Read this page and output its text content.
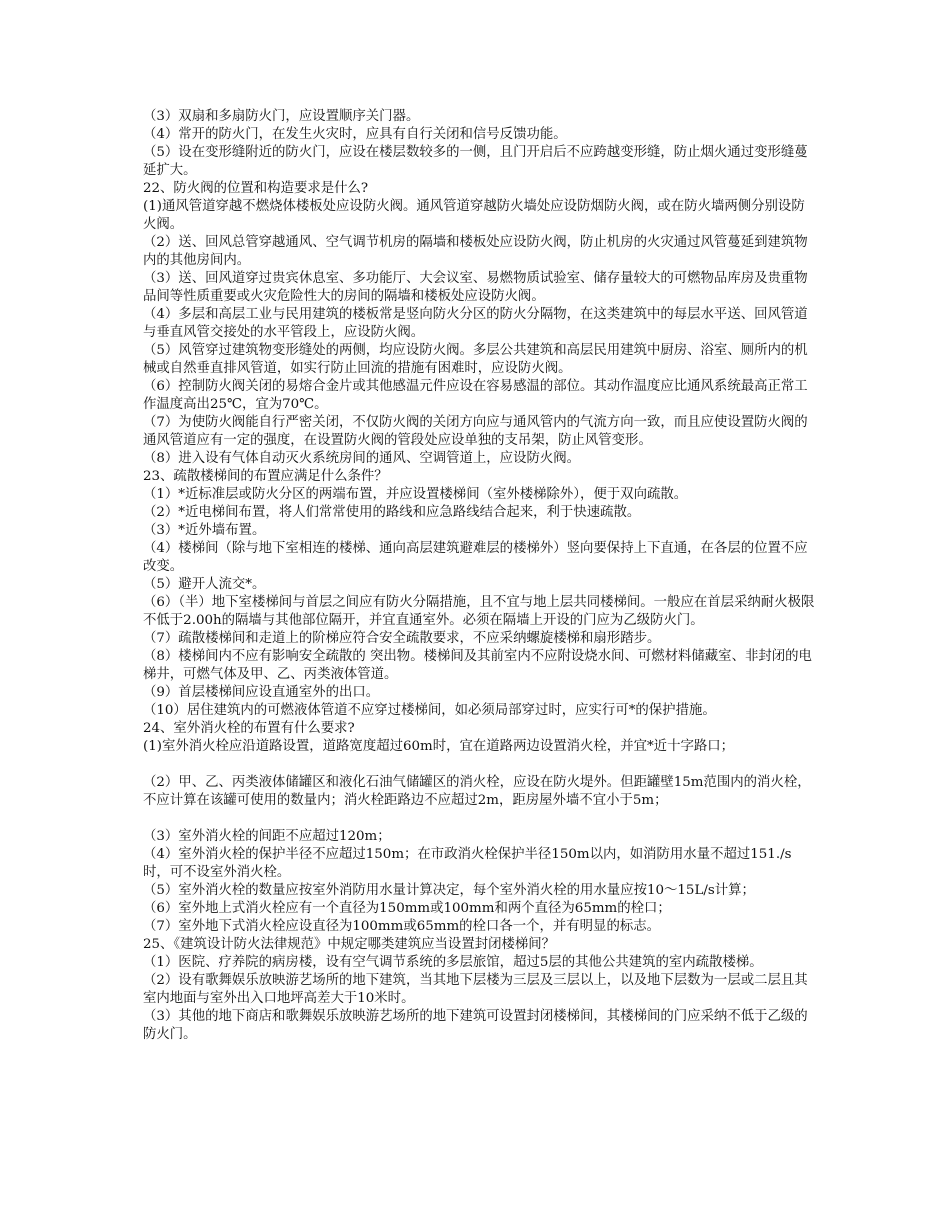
（3）双扇和多扇防火门，应设置顺序关门器。
（4）常开的防火门，在发生火灾时，应具有自行关闭和信号反馈功能。
（5）设在变形缝附近的防火门，应设在楼层数较多的一侧，且门开启后不应跨越变形缝，防止烟火通过变形缝蔓延扩大。
22、防火阀的位置和构造要求是什么?
(1)通风管道穿越不燃烧体楼板处应设防火阀。通风管道穿越防火墙处应设防烟防火阀，或在防火墙两侧分别设防火阀。
（2）送、回风总管穿越通风、空气调节机房的隔墙和楼板处应设防火阀，防止机房的火灾通过风管蔓延到建筑物内的其他房间内。
（3）送、回风道穿过贵宾休息室、多功能厅、大会议室、易燃物质试验室、储存量较大的可燃物品库房及贵重物品间等性质重要或火灾危险性大的房间的隔墙和楼板处应设防火阀。
（4）多层和高层工业与民用建筑的楼板常是竖向防火分区的防火分隔物，在这类建筑中的每层水平送、回风管道与垂直风管交接处的水平管段上，应设防火阀。
（5）风管穿过建筑物变形缝处的两侧，均应设防火阀。多层公共建筑和高层民用建筑中厨房、浴室、厕所内的机械或自然垂直排风管道，如实行防止回流的措施有困难时，应设防火阀。
（6）控制防火阀关闭的易熔合金片或其他感温元件应设在容易感温的部位。其动作温度应比通风系统最高正常工作温度高出25℃，宜为70℃。
（7）为使防火阀能自行严密关闭，不仅防火阀的关闭方向应与通风管内的气流方向一致，而且应使设置防火阀的通风管道应有一定的强度，在设置防火阀的管段处应设单独的支吊架，防止风管变形。
（8）进入设有气体自动灭火系统房间的通风、空调管道上，应设防火阀。
23、疏散楼梯间的布置应满足什么条件？
（1）*近标准层或防火分区的两端布置，并应设置楼梯间（室外楼梯除外），便于双向疏散。
（2）*近电梯间布置，将人们常常使用的路线和应急路线结合起来，利于快速疏散。
（3）*近外墙布置。
（4）楼梯间（除与地下室相连的楼梯、通向高层建筑避难层的楼梯外）竖向要保持上下直通，在各层的位置不应改变。
（5）避开人流交*。
（6）（半）地下室楼梯间与首层之间应有防火分隔措施，且不宜与地上层共同楼梯间。一般应在首层采纳耐火极限不低于2.00h的隔墙与其他部位隔开，并宜直通室外。必须在隔墙上开设的门应为乙级防火门。
（7）疏散楼梯间和走道上的阶梯应符合安全疏散要求，不应采纳螺旋楼梯和扇形踏步。
（8）楼梯间内不应有影响安全疏散的 突出物。楼梯间及其前室内不应附设烧水间、可燃材料储藏室、非封闭的电梯井，可燃气体及甲、乙、丙类液体管道。
（9）首层楼梯间应设直通室外的出口。
（10）居住建筑内的可燃液体管道不应穿过楼梯间，如必须局部穿过时，应实行可*的保护措施。
24、室外消火栓的布置有什么要求?
(1)室外消火栓应沿道路设置，道路宽度超过60m时，宜在道路两边设置消火栓，并宜*近十字路口；
（2）甲、乙、丙类液体储罐区和液化石油气储罐区的消火栓，应设在防火堤外。但距罐壁15m范围内的消火栓，不应计算在该罐可使用的数量内；消火栓距路边不应超过2m，距房屋外墙不宜小于5m；
（3）室外消火栓的间距不应超过120m；
（4）室外消火栓的保护半径不应超过150m；在市政消火栓保护半径150m以内，如消防用水量不超过151./s时，可不设室外消火栓。
（5）室外消火栓的数量应按室外消防用水量计算决定，每个室外消火栓的用水量应按10～15L/s计算；
（6）室外地上式消火栓应有一个直径为150mm或100mm和两个直径为65mm的栓口；
（7）室外地下式消火栓应设直径为100mm或65mm的栓口各一个，并有明显的标志。
25、《建筑设计防火法律规范》中规定哪类建筑应当设置封闭楼梯间？
（1）医院、疗养院的病房楼，设有空气调节系统的多层旅馆，超过5层的其他公共建筑的室内疏散楼梯。
（2）设有歌舞娱乐放映游艺场所的地下建筑，当其地下层楼为三层及三层以上，以及地下层数为一层或二层且其室内地面与室外出入口地坪高差大于10米时。
（3）其他的地下商店和歌舞娱乐放映游艺场所的地下建筑可设置封闭楼梯间，其楼梯间的门应采纳不低于乙级的防火门。
